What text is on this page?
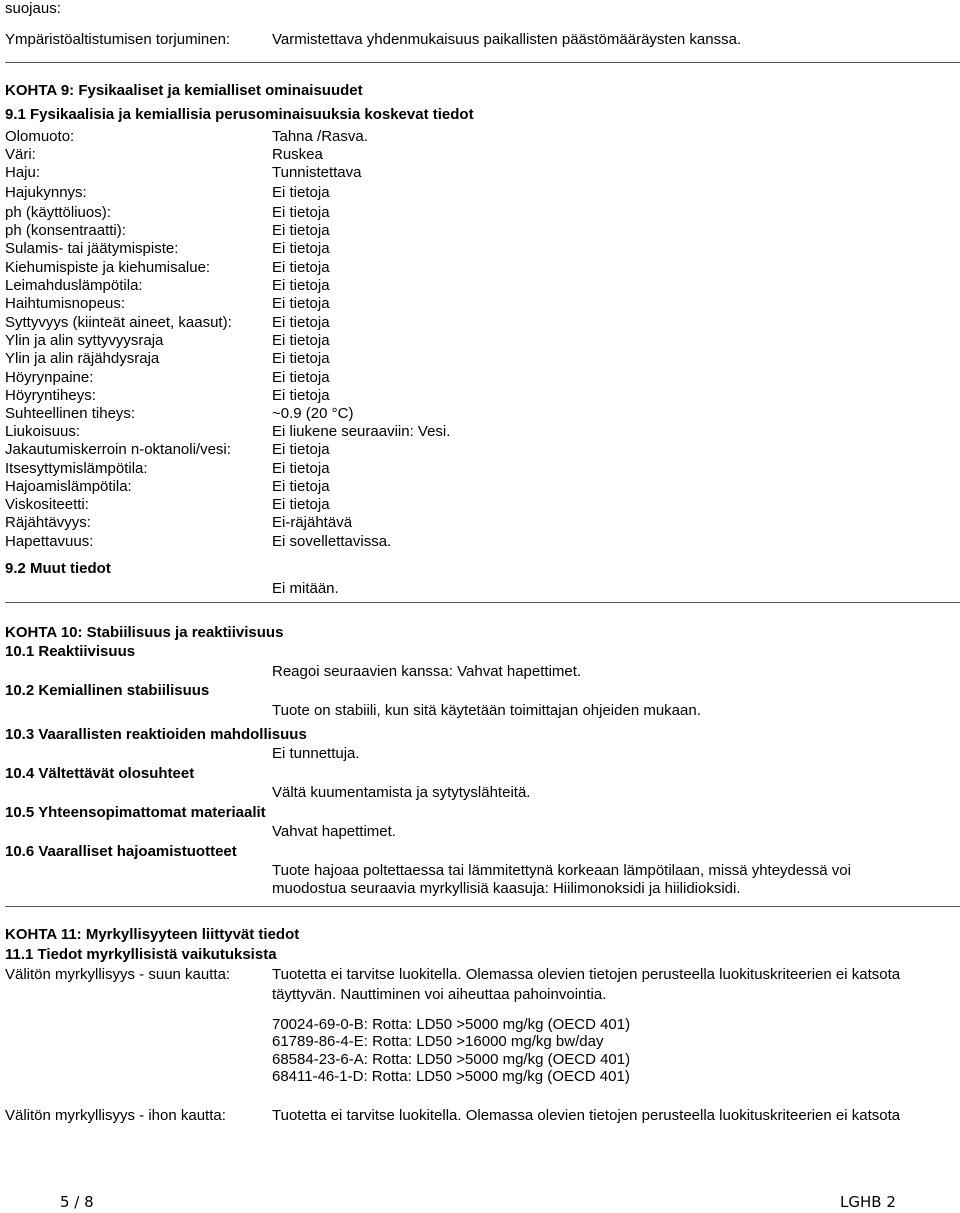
suojaus:
Ympäristöaltistumisen torjuminen:	Varmistettava yhdenmukaisuus paikallisten päästömääräysten kanssa.
KOHTA 9: Fysikaaliset ja kemialliset ominaisuudet
9.1 Fysikaalisia ja kemiallisia perusominaisuuksia koskevat tiedot
Olomuoto:	Tahna /Rasva.
Väri:	Ruskea
Haju:	Tunnistettava
Hajukynnys:	Ei tietoja
ph (käyttöliuos):	Ei tietoja
ph (konsentraatti):	Ei tietoja
Sulamis- tai jäätymispiste:	Ei tietoja
Kiehumispiste ja kiehumisalue:	Ei tietoja
Leimahduslämpötila:	Ei tietoja
Haihtumisnopeus:	Ei tietoja
Syttyvyys (kiinteät aineet, kaasut):	Ei tietoja
Ylin ja alin syttyvyysraja	Ei tietoja
Ylin ja alin räjähdysraja	Ei tietoja
Höyrynpaine:	Ei tietoja
Höyryntiheys:	Ei tietoja
Suhteellinen tiheys:	~0.9 (20 °C)
Liukoisuus:	Ei liukene seuraaviin: Vesi.
Jakautumiskerroin n-oktanoli/vesi:	Ei tietoja
Itsesyttymislämpötila:	Ei tietoja
Hajoamislämpötila:	Ei tietoja
Viskositeetti:	Ei tietoja
Räjähtävyys:	Ei-räjähtävä
Hapettavuus:	Ei sovellettavissa.
9.2 Muut tiedot
Ei mitään.
KOHTA 10: Stabiilisuus ja reaktiivisuus
10.1 Reaktiivisuus
Reagoi seuraavien kanssa: Vahvat hapettimet.
10.2 Kemiallinen stabiilisuus
Tuote on stabiili, kun sitä käytetään toimittajan ohjeiden mukaan.
10.3 Vaarallisten reaktioiden mahdollisuus
Ei tunnettuja.
10.4 Vältettävät olosuhteet
Vältä kuumentamista ja sytytyslähteitä.
10.5 Yhteensopimattomat materiaalit
Vahvat hapettimet.
10.6 Vaaralliset hajoamistuotteet
Tuote hajoaa poltettaessa tai lämmitettynä korkeaan lämpötilaan, missä yhteydessä voi
muodostua seuraavia myrkyllisiä kaasuja: Hiilimonoksidi ja hiilidioksidi.
KOHTA 11: Myrkyllisyyteen liittyvät tiedot
11.1 Tiedot myrkyllisistä vaikutuksista
Välitön myrkyllisyys - suun kautta:	Tuotetta ei tarvitse luokitella. Olemassa olevien tietojen perusteella luokituskriteerien ei katsota
täyttyvän. Nauttiminen voi aiheuttaa pahoinvointia.
70024-69-0-B: Rotta: LD50 >5000 mg/kg (OECD 401)
61789-86-4-E: Rotta: LD50 >16000 mg/kg bw/day
68584-23-6-A: Rotta: LD50 >5000 mg/kg (OECD 401)
68411-46-1-D: Rotta: LD50 >5000 mg/kg (OECD 401)
Välitön myrkyllisyys - ihon kautta:	Tuotetta ei tarvitse luokitella. Olemassa olevien tietojen perusteella luokituskriteerien ei katsota
5 / 8	LGHB 2
